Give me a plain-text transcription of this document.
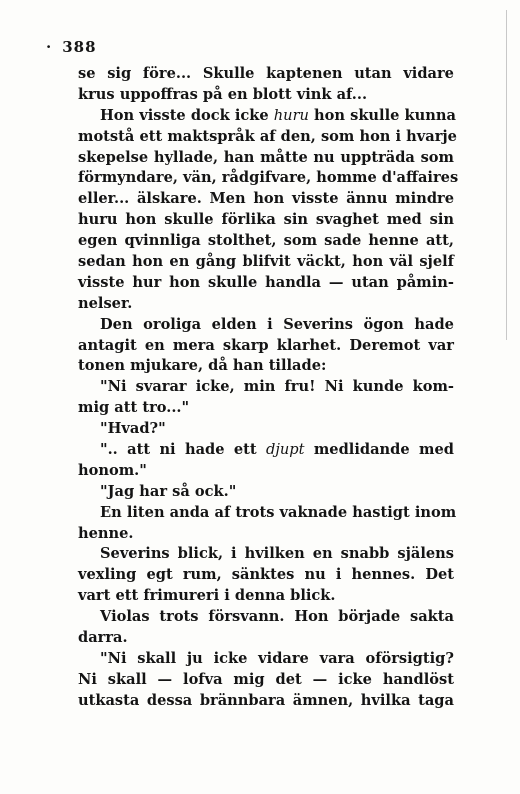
· 388
se sig före... Skulle kaptenen utan vidare
krus uppoffras på en blott vink af...
Hon visste dock icke huru hon skulle kunna
motstå ett maktspråk af den, som hon i hvarje
skepelse hyllade, han måtte nu uppträda som
förmyndare, vän, rådgifvare, homme d'affaires
eller... älskare. Men hon visste ännu mindre
huru hon skulle förlika sin svaghet med sin
egen qvinnliga stolthet, som sade henne att,
sedan hon en gång blifvit väckt, hon väl sjelf
visste hur hon skulle handla — utan påmin-
nelser.
Den oroliga elden i Severins ögon hade
antagit en mera skarp klarhet. Deremot var
tonen mjukare, då han tillade:
"Ni svarar icke, min fru! Ni kunde kom-
mig att tro..."
"Hvad?"
".. att ni hade ett djupt medlidande med
honom."
"Jag har så ock."
En liten anda af trots vaknade hastigt inom
henne.
Severins blick, i hvilken en snabb själens
vexling egt rum, sänktes nu i hennes. Det
vart ett frimureri i denna blick.
Violas trots försvann. Hon började sakta
darra.
"Ni skall ju icke vidare vara oförsigtig?
Ni skall — lofva mig det — icke handlöst
utkasta dessa brännbara ämnen, hvilka taga
